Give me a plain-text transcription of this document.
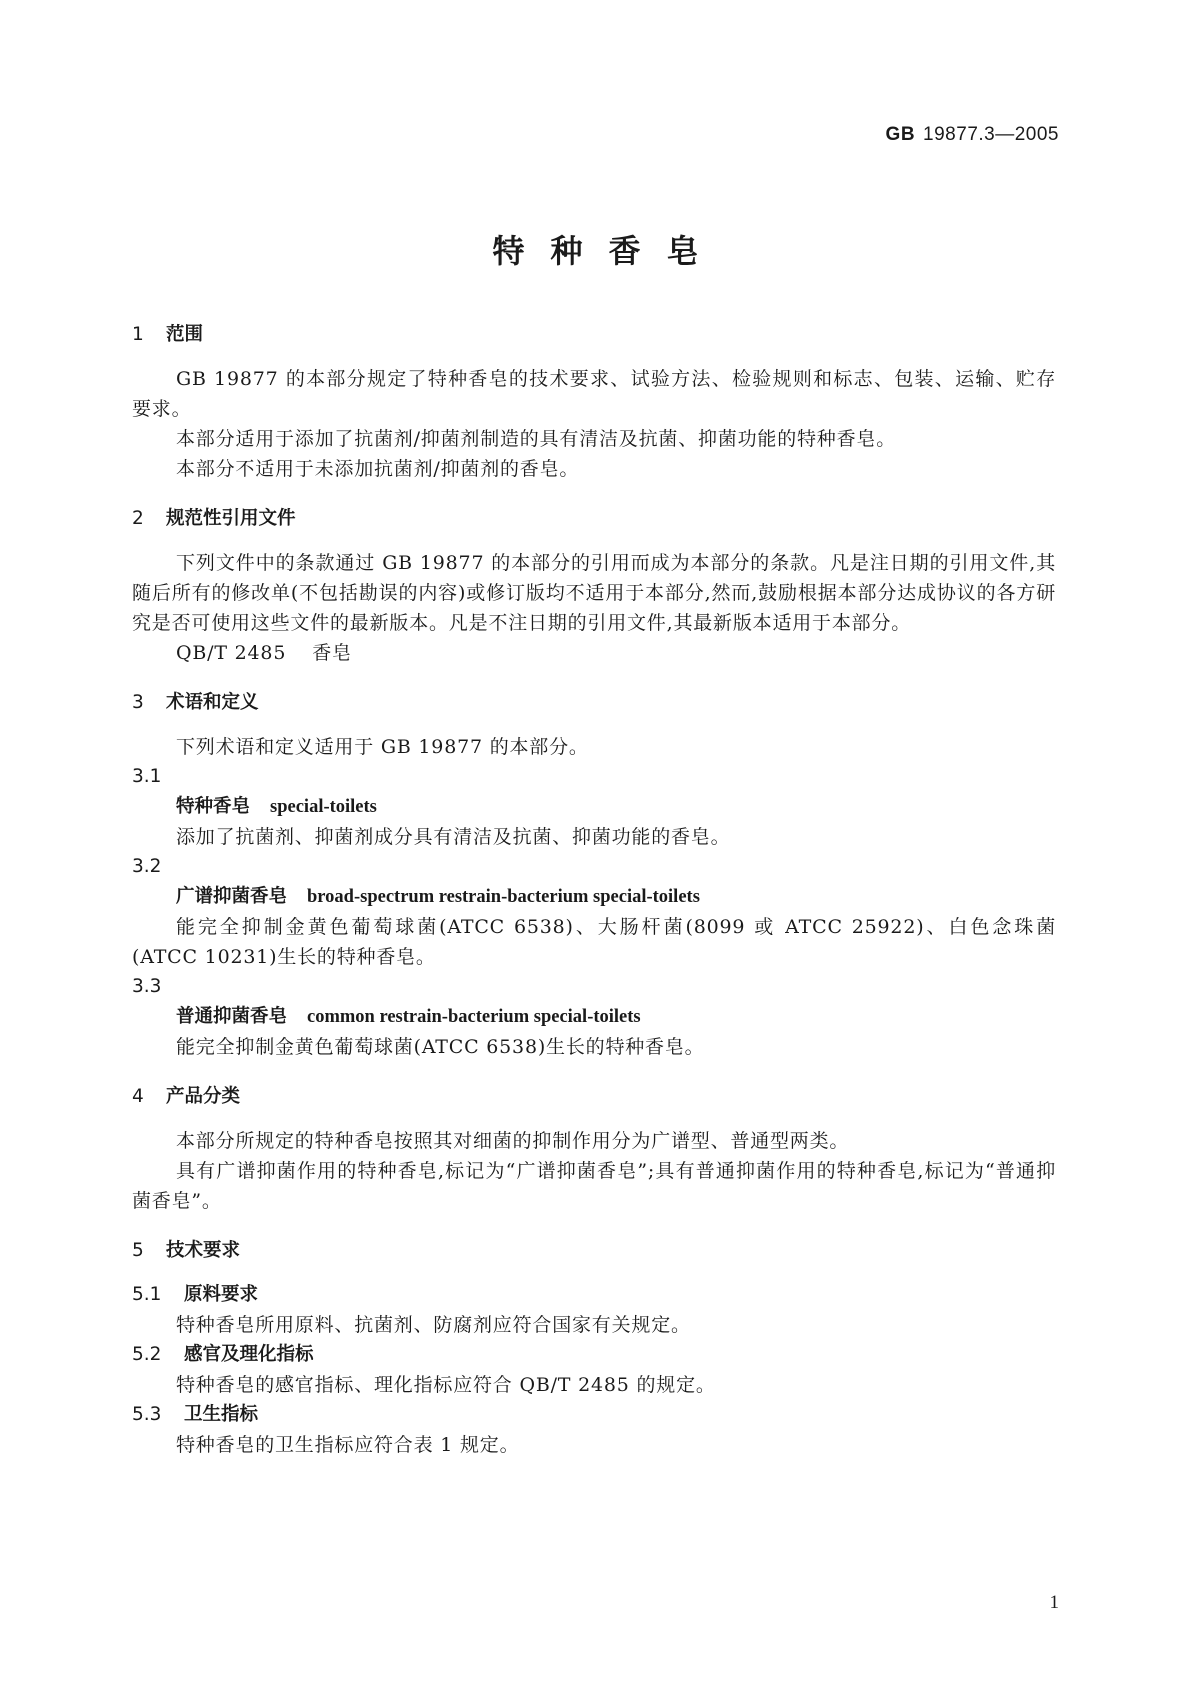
GB 19877.3—2005
特种香皂
1 范围
GB 19877 的本部分规定了特种香皂的技术要求、试验方法、检验规则和标志、包装、运输、贮存要求。
本部分适用于添加了抗菌剂/抑菌剂制造的具有清洁及抗菌、抑菌功能的特种香皂。
本部分不适用于未添加抗菌剂/抑菌剂的香皂。
2 规范性引用文件
下列文件中的条款通过 GB 19877 的本部分的引用而成为本部分的条款。凡是注日期的引用文件,其随后所有的修改单(不包括勘误的内容)或修订版均不适用于本部分,然而,鼓励根据本部分达成协议的各方研究是否可使用这些文件的最新版本。凡是不注日期的引用文件,其最新版本适用于本部分。
QB/T 2485 香皂
3 术语和定义
下列术语和定义适用于 GB 19877 的本部分。
3.1
特种香皂 special-toilets
添加了抗菌剂、抑菌剂成分具有清洁及抗菌、抑菌功能的香皂。
3.2
广谱抑菌香皂 broad-spectrum restrain-bacterium special-toilets
能完全抑制金黄色葡萄球菌(ATCC 6538)、大肠杆菌(8099 或 ATCC 25922)、白色念珠菌(ATCC 10231)生长的特种香皂。
3.3
普通抑菌香皂 common restrain-bacterium special-toilets
能完全抑制金黄色葡萄球菌(ATCC 6538)生长的特种香皂。
4 产品分类
本部分所规定的特种香皂按照其对细菌的抑制作用分为广谱型、普通型两类。
具有广谱抑菌作用的特种香皂,标记为“广谱抑菌香皂”;具有普通抑菌作用的特种香皂,标记为“普通抑菌香皂”。
5 技术要求
5.1 原料要求
特种香皂所用原料、抗菌剂、防腐剂应符合国家有关规定。
5.2 感官及理化指标
特种香皂的感官指标、理化指标应符合 QB/T 2485 的规定。
5.3 卫生指标
特种香皂的卫生指标应符合表 1 规定。
1
